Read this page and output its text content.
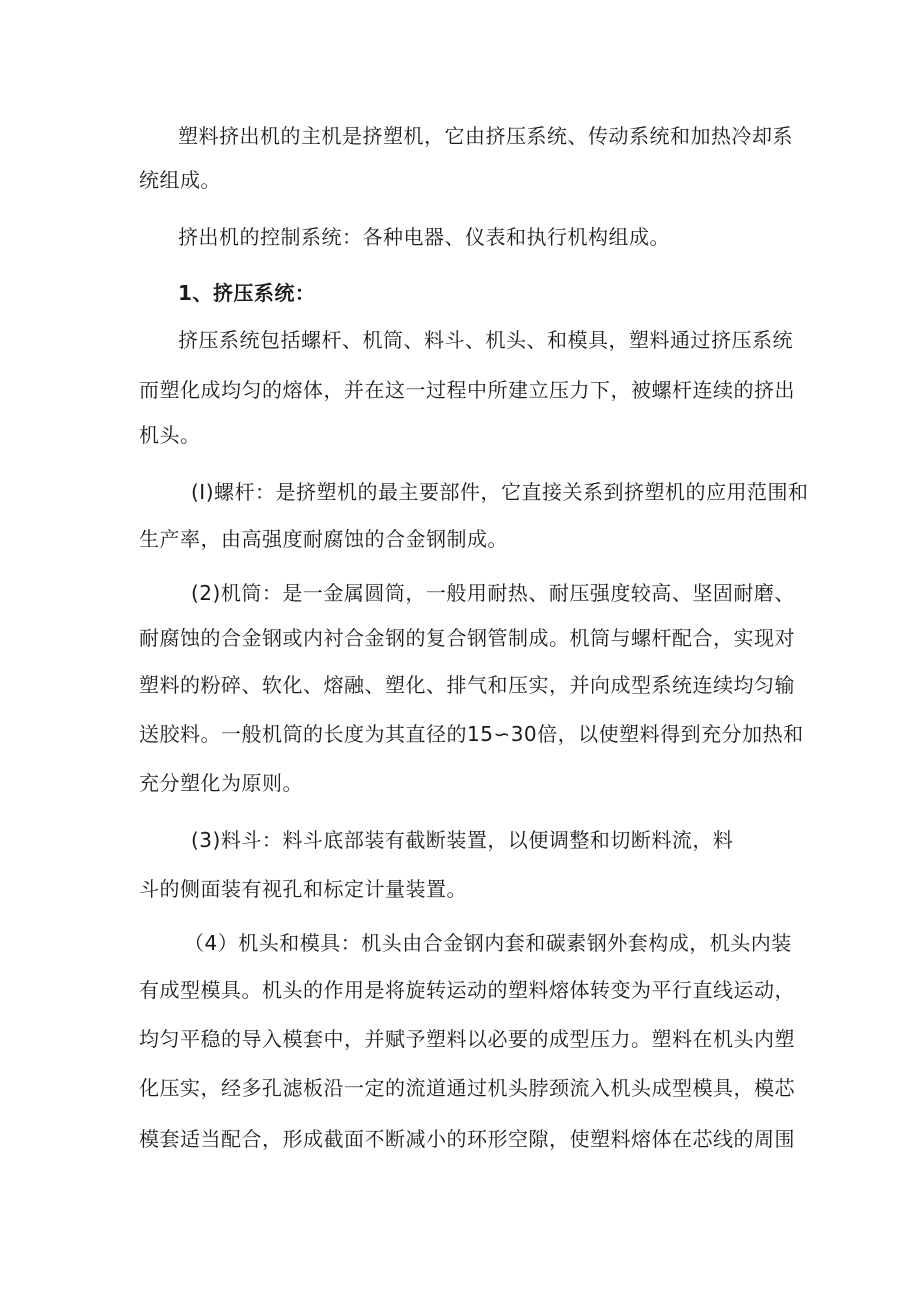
塑料挤出机的主机是挤塑机，它由挤压系统、传动系统和加热冷却系
统组成。
挤出机的控制系统：各种电器、仪表和执行机构组成。
1、挤压系统：
挤压系统包括螺杆、机筒、料斗、机头、和模具，塑料通过挤压系统
而塑化成均匀的熔体，并在这一过程中所建立压力下，被螺杆连续的挤出
机头。
(I)螺杆：是挤塑机的最主要部件，它直接关系到挤塑机的应用范围和
生产率，由高强度耐腐蚀的合金钢制成。
(2)机筒：是一金属圆筒，一般用耐热、耐压强度较高、坚固耐磨、
耐腐蚀的合金钢或内衬合金钢的复合钢管制成。机筒与螺杆配合，实现对
塑料的粉碎、软化、熔融、塑化、排气和压实，并向成型系统连续均匀输
送胶料。一般机筒的长度为其直径的15∽30倍，以使塑料得到充分加热和
充分塑化为原则。
(3)料斗：料斗底部装有截断装置，以便调整和切断料流，料
斗的侧面装有视孔和标定计量装置。
（4）机头和模具：机头由合金钢内套和碳素钢外套构成，机头内装
有成型模具。机头的作用是将旋转运动的塑料熔体转变为平行直线运动，
均匀平稳的导入模套中，并赋予塑料以必要的成型压力。塑料在机头内塑
化压实，经多孔滤板沿一定的流道通过机头脖颈流入机头成型模具，模芯
模套适当配合，形成截面不断减小的环形空隙，使塑料熔体在芯线的周围
